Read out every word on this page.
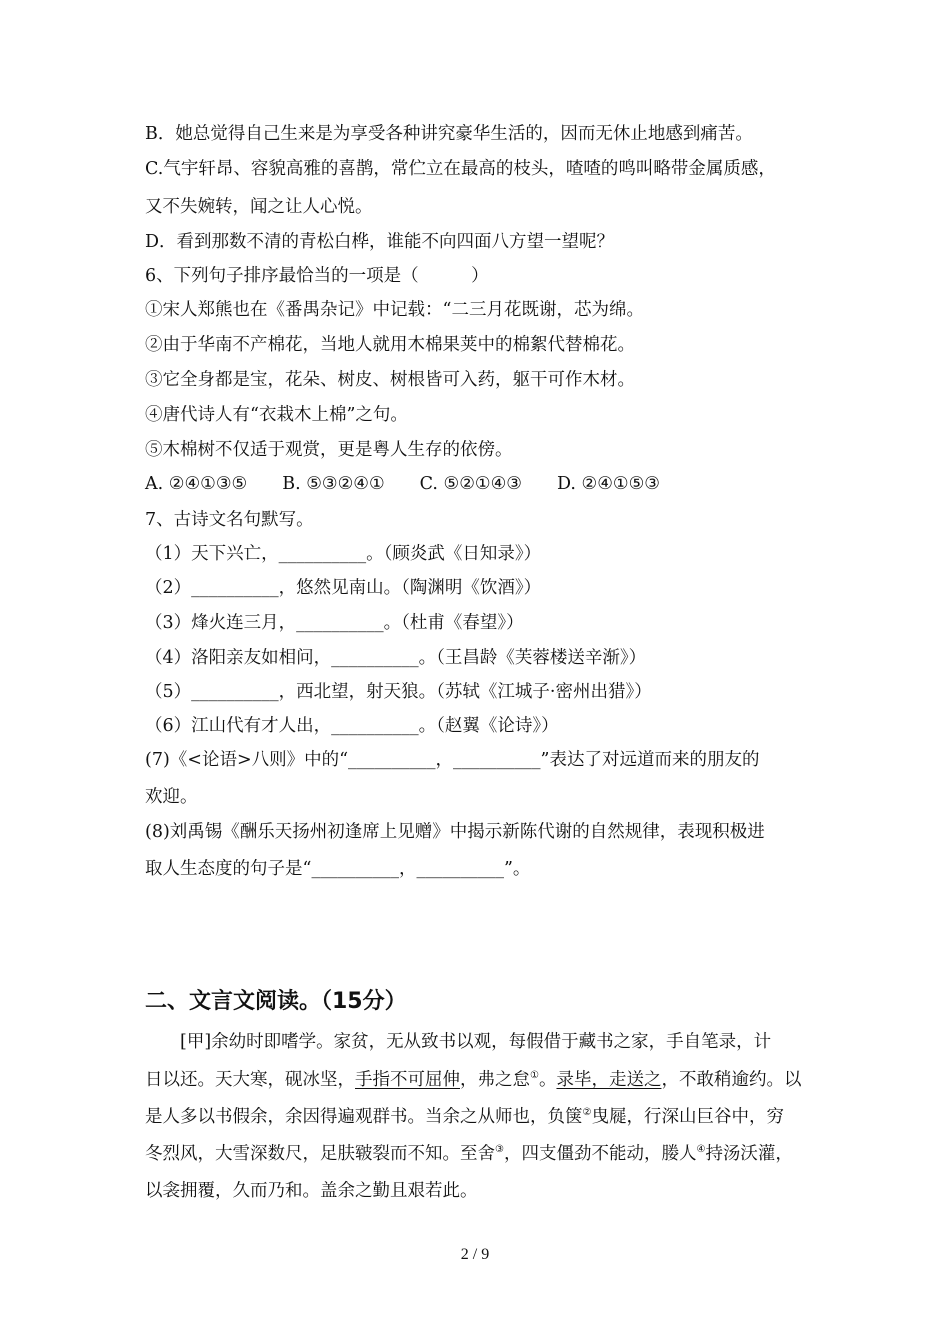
B．她总觉得自己生来是为享受各种讲究豪华生活的，因而无休止地感到痛苦。
C.气宇轩昂、容貌高雅的喜鹊，常伫立在最高的枝头，喳喳的鸣叫略带金属质感，
又不失婉转，闻之让人心悦。
D．看到那数不清的青松白桦，谁能不向四面八方望一望呢？
6、下列句子排序最恰当的一项是（　　　）
①宋人郑熊也在《番禺杂记》中记载：“二三月花既谢，芯为绵。
②由于华南不产棉花，当地人就用木棉果荚中的棉絮代替棉花。
③它全身都是宝，花朵、树皮、树根皆可入药，躯干可作木材。
④唐代诗人有“衣栽木上棉”之句。
⑤木棉树不仅适于观赏，更是粤人生存的依傍。
A. ②④①③⑤　　B. ⑤③②④①　　C. ⑤②①④③　　D. ②④①⑤③
7、古诗文名句默写。
（1）天下兴亡，__________。（顾炎武《日知录》）
（2）__________，悠然见南山。（陶渊明《饮酒》）
（3）烽火连三月，__________。（杜甫《春望》）
（4）洛阳亲友如相问，__________。（王昌龄《芙蓉楼送辛渐》）
（5）__________，西北望，射天狼。（苏轼《江城子·密州出猎》）
（6）江山代有才人出，__________。（赵翼《论诗》）
(7)《<论语>八则》中的“__________，__________”表达了对远道而来的朋友的
欢迎。
(8)刘禹锡《酬乐天扬州初逢席上见赠》中揭示新陈代谢的自然规律，表现积极进
取人生态度的句子是“__________，__________”。
二、文言文阅读。（15分）
　　[甲]余幼时即嗜学。家贫，无从致书以观，每假借于藏书之家，手自笔录，计
日以还。天大寒，砚冰坚，手指不可屈伸，弗之怠①。录毕，走送之，不敢稍逾约。以
是人多以书假余，余因得遍观群书。当余之从师也，负箧②曳屣，行深山巨谷中，穷
冬烈风，大雪深数尺，足肤皲裂而不知。至舍③，四支僵劲不能动，媵人④持汤沃灌，
以衾拥覆，久而乃和。盖余之勤且艰若此。
2 / 9
